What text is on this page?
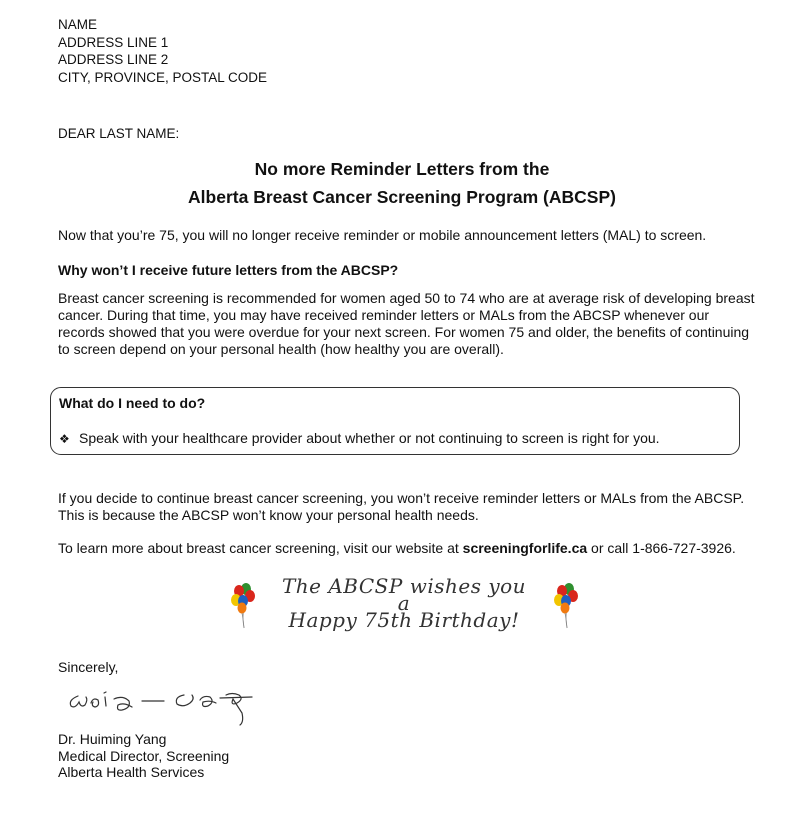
NAME
ADDRESS LINE 1
ADDRESS LINE 2
CITY, PROVINCE, POSTAL CODE
DEAR LAST NAME:
No more Reminder Letters from the
Alberta Breast Cancer Screening Program (ABCSP)
Now that you’re 75, you will no longer receive reminder or mobile announcement letters (MAL) to screen.
Why won’t I receive future letters from the ABCSP?
Breast cancer screening is recommended for women aged 50 to 74 who are at average risk of developing breast cancer. During that time, you may have received reminder letters or MALs from the ABCSP whenever our records showed that you were overdue for your next screen. For women 75 and older, the benefits of continuing to screen depend on your personal health (how healthy you are overall).
What do I need to do?
❖ Speak with your healthcare provider about whether or not continuing to screen is right for you.
If you decide to continue breast cancer screening, you won’t receive reminder letters or MALs from the ABCSP. This is because the ABCSP won’t know your personal health needs.
To learn more about breast cancer screening, visit our website at screeningforlife.ca or call 1-866-727-3926.
The ABCSP wishes you a
Happy 75th Birthday!
Sincerely,
Dr. Huiming Yang
Medical Director, Screening
Alberta Health Services
